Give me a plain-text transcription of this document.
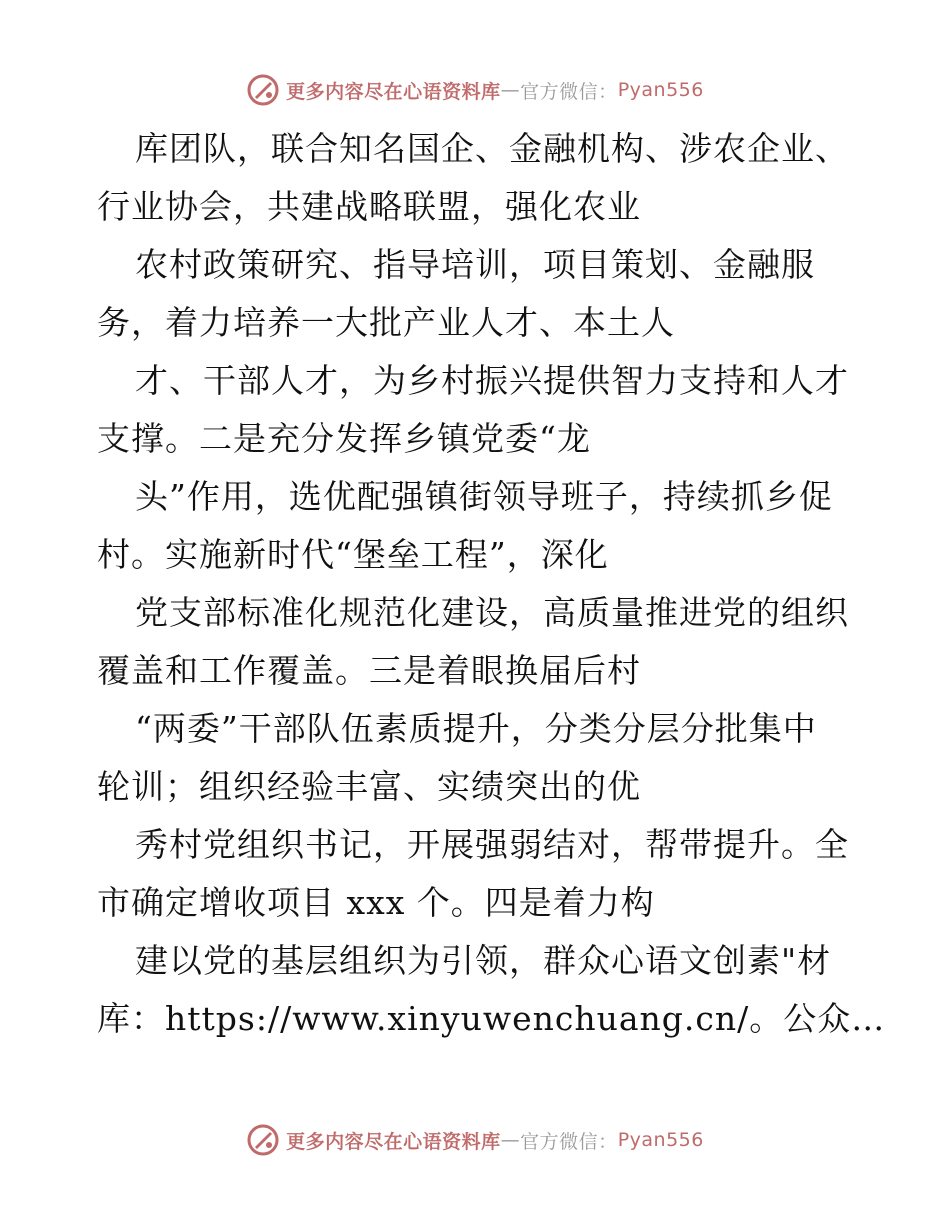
更多内容尽在心语资料库 — 官方微信： Pyan556
库团队，联合知名国企、金融机构、涉农企业、
行业协会，共建战略联盟，强化农业
农村政策研究、指导培训，项目策划、金融服
务，着力培养一大批产业人才、本土人
才、干部人才，为乡村振兴提供智力支持和人才
支撑。二是充分发挥乡镇党委“龙
头”作用，选优配强镇街领导班子，持续抓乡促
村。实施新时代“堡垒工程”，深化
党支部标准化规范化建设，高质量推进党的组织
覆盖和工作覆盖。三是着眼换届后村
“两委”干部队伍素质提升，分类分层分批集中
轮训；组织经验丰富、实绩突出的优
秀村党组织书记，开展强弱结对，帮带提升。全
市确定增收项目 xxx 个。四是着力构
建以党的基层组织为引领，群众心语文创素"材
库：https://www.xinyuwenchuang.cn/。公众…
更多内容尽在心语资料库 — 官方微信： Pyan556
